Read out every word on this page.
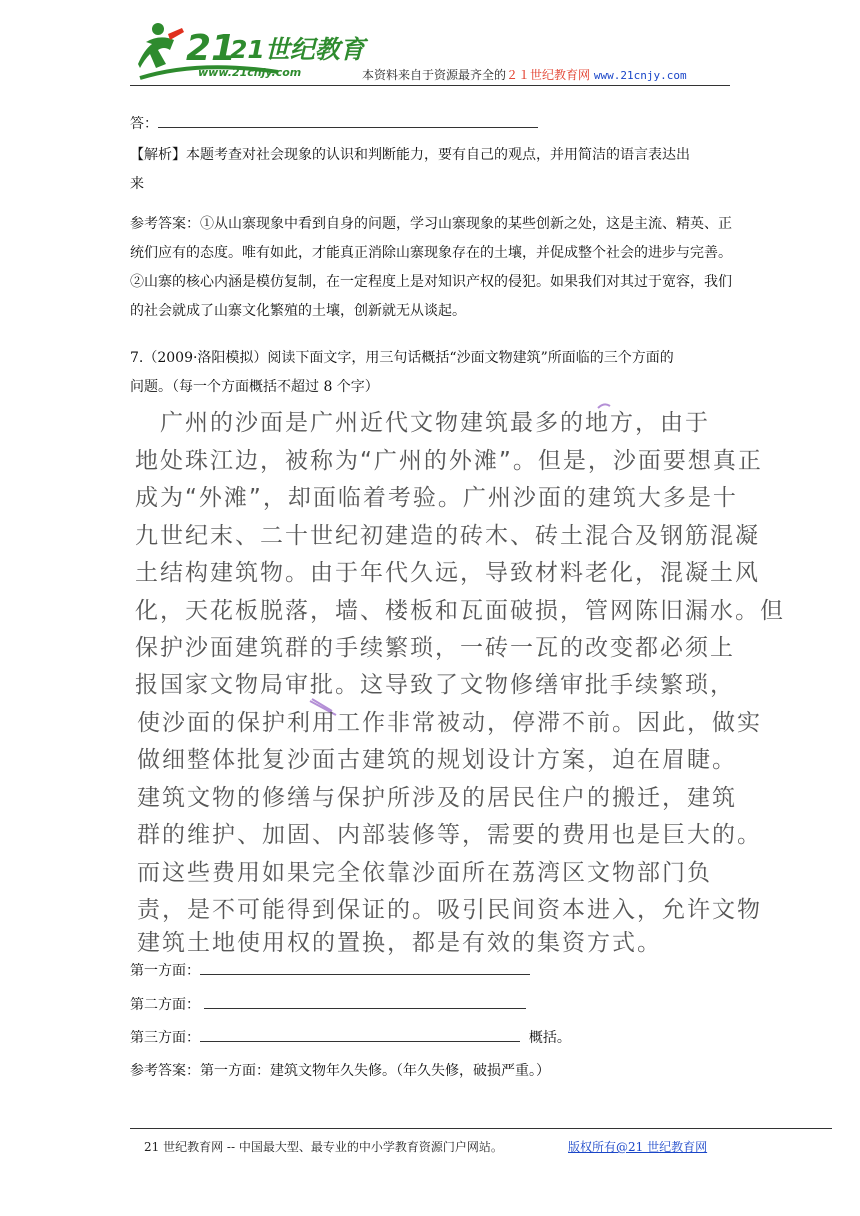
21
21世纪教育
www.21cnjy.com	本资料来自于资源最齐全的２１世纪教育网 www.21cnjy.com
答：
【解析】本题考查对社会现象的认识和判断能力，要有自己的观点，并用简洁的语言表达出
来
参考答案：①从山寨现象中看到自身的问题，学习山寨现象的某些创新之处，这是主流、精英、正统们应有的态度。唯有如此，才能真正消除山寨现象存在的土壤，并促成整个社会的进步与完善。②山寨的核心内涵是模仿复制，在一定程度上是对知识产权的侵犯。如果我们对其过于宽容，我们的社会就成了山寨文化繁殖的土壤，创新就无从谈起。
7.（2009·洛阳模拟）阅读下面文字，用三句话概括“沙面文物建筑”所面临的三个方面的
问题。（每一个方面概括不超过 8 个字）
　广州的沙面是广州近代文物建筑最多的地方，由于
地处珠江边，被称为“广州的外滩”。但是，沙面要想真正
成为“外滩”，却面临着考验。广州沙面的建筑大多是十
九世纪末、二十世纪初建造的砖木、砖土混合及钢筋混凝
土结构建筑物。由于年代久远，导致材料老化，混凝土风
化，天花板脱落，墙、楼板和瓦面破损，管网陈旧漏水。但
保护沙面建筑群的手续繁琐，一砖一瓦的改变都必须上
报国家文物局审批。这导致了文物修缮审批手续繁琐，
使沙面的保护利用工作非常被动，停滞不前。因此，做实
做细整体批复沙面古建筑的规划设计方案，迫在眉睫。
建筑文物的修缮与保护所涉及的居民住户的搬迁，建筑
群的维护、加固、内部装修等，需要的费用也是巨大的。
而这些费用如果完全依靠沙面所在荔湾区文物部门负
责，是不可能得到保证的。吸引民间资本进入，允许文物
建筑土地使用权的置换，都是有效的集资方式。
第一方面：
第二方面：
第三方面：	概括。
参考答案：第一方面：建筑文物年久失修。（年久失修，破损严重。）
21 世纪教育网 -- 中国最大型、最专业的中小学教育资源门户网站。	版权所有@21 世纪教育网
